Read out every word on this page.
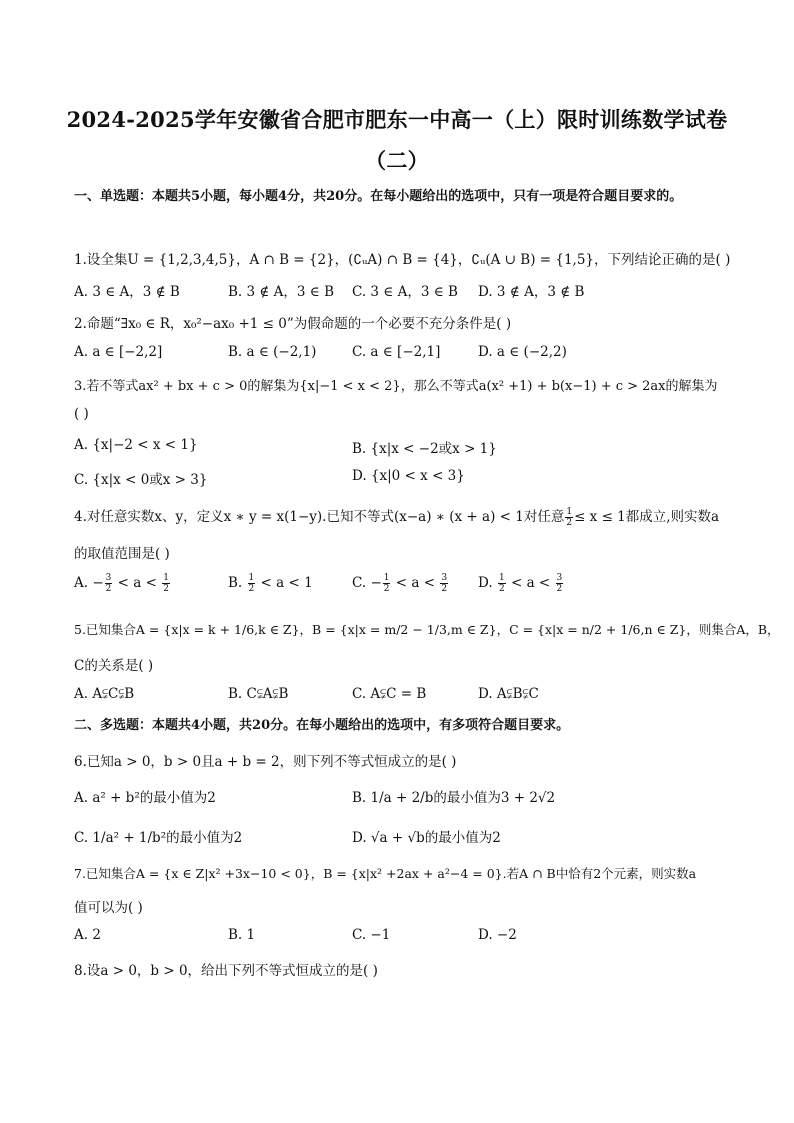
2024-2025学年安徽省合肥市肥东一中高一（上）限时训练数学试卷
（二）
一、单选题：本题共5小题，每小题4分，共20分。在每小题给出的选项中，只有一项是符合题目要求的。
1.设全集U = {1,2,3,4,5}，A ∩ B = {2}，(∁ᵤA) ∩ B = {4}，∁ᵤ(A ∪ B) = {1,5}，下列结论正确的是( )
A. 3 ∈ A，3 ∉ B	B. 3 ∉ A，3 ∈ B C. 3 ∈ A，3 ∈ B D. 3 ∉ A，3 ∉ B
2.命题“∃x₀ ∈ R，x₀²−ax₀ +1 ≤ 0”为假命题的一个必要不充分条件是( )
A. a ∈ [−2,2]	B. a ∈ (−2,1)	C. a ∈ [−2,1]	D. a ∈ (−2,2)
3.若不等式ax² + bx + c > 0的解集为{x|−1 < x < 2}，那么不等式a(x² +1) + b(x−1) + c > 2ax的解集为
( )
A. {x|−2 < x < 1}	B. {x|x < −2或x > 1}
C. {x|x < 0或x > 3}	D. {x|0 < x < 3}
4.对任意实数x、y，定义x ∗ y = x(1−y).已知不等式(x−a) ∗ (x + a) < 1对任意 $\frac{1}{2} \le x \le 1$都成立,则实数a
的取值范围是( )
A. − $\frac{3}{2} < a < \frac{1}{2}$	B. $\frac{1}{2} < a < 1$	C. − $\frac{1}{2} < a < \frac{3}{2} D$. $\frac{1}{2} < a < \frac{3}{2}$
5.已知集合A = {x|x = k + 1/6,k ∈ Z}，B = {x|x = m/2 − 1/3,m ∈ Z}，C = {x|x = n/2 + 1/6,n ∈ Z}，则集合A，B，
C的关系是( )
A. A⫋C⫋B	B. C⫋A⫋B	C. A⫋C = B	D. A⫋B⫋C
二、多选题：本题共4小题，共20分。在每小题给出的选项中，有多项符合题目要求。
6.已知a > 0，b > 0且a + b = 2，则下列不等式恒成立的是( )
A. a² + b²的最小值为2	B. 1/a + 2/b的最小值为3 + 2√2
C. 1/a² + 1/b²的最小值为2	D. √a + √b的最小值为2
7.已知集合A = {x ∈ Z|x² +3x−10 < 0}，B = {x|x² +2ax + a²−4 = 0}.若A ∩ B中恰有2个元素，则实数a
值可以为( )
A. 2	B. 1	C. −1	D. −2
8.设a > 0，b > 0，给出下列不等式恒成立的是( )
